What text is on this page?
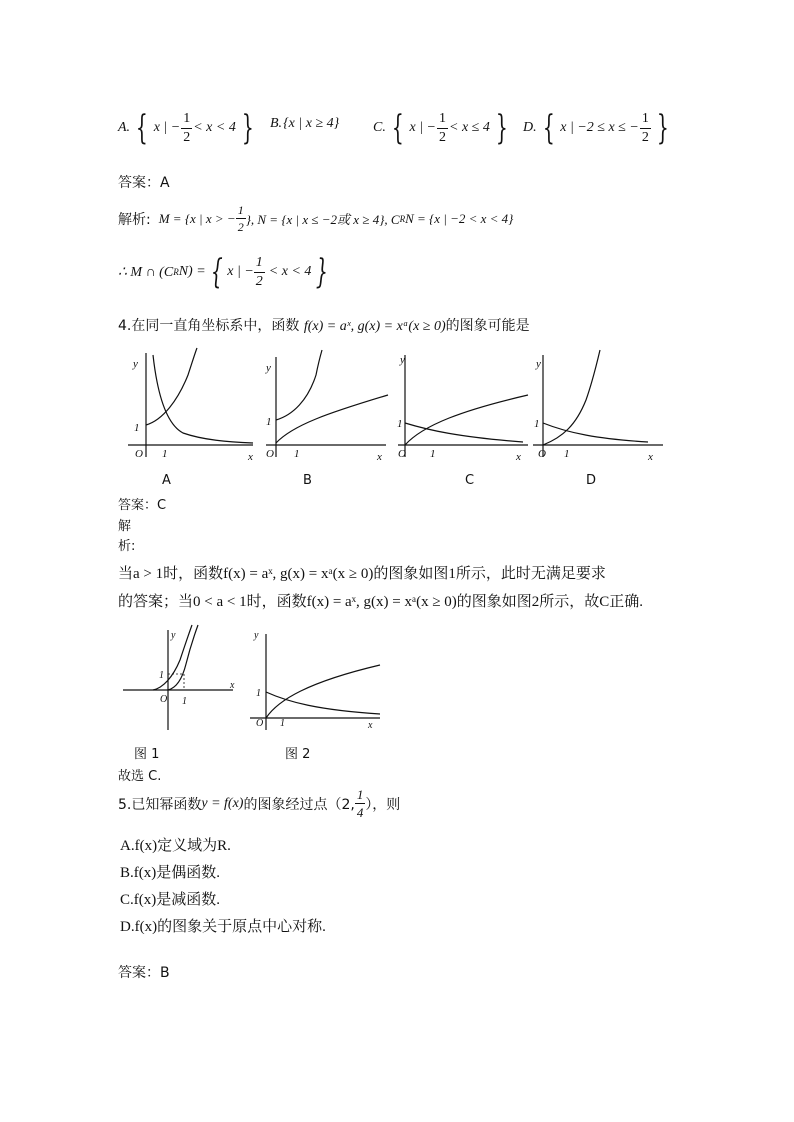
A. { x | − $\frac{1}{2} < x < 4$ } B. {x | x ≥ 4} C. { x | − $\frac{1}{2} < x \le 4$ } D. { x | −2 ≤ x ≤ − $\frac{1}{2}$ }
答案：A
解析: M = {x | x > − $\frac{1}{2}$ }, N = {x | x ≤ −2或 x ≥ 4}, C R N = {x | −2 < x < 4}
∴ M ∩ (C R N) = { x | − $\frac{1}{2} < x < 4$ }
4.在同一直角坐标系中，函数 f(x) = aˣ, g(x) = xᵃ(x ≥ 0)的图象可能是
y
1
O 1	x
y
1
O 1	x
y
1
O 1	x
y
1
O 1	x
A	B	C	D
答案：C
解
析:
当a > 1时，函数f(x) = aˣ, g(x) = xᵃ(x ≥ 0)的图象如图1所示，此时无满足要求
的答案；当0 < a < 1时，函数f(x) = aˣ, g(x) = xᵃ(x ≥ 0)的图象如图2所示，故C正确.
y
1
O 1
x
y
1
O 1	x
图 1	图 2
故选 C.
5.已知幂函数 y = f(x) 的图象经过点（2, $\frac{1}{4}$ ），则
A.f(x)定义域为R.
B.f(x)是偶函数.
C.f(x)是减函数.
D.f(x)的图象关于原点中心对称.
答案：B
